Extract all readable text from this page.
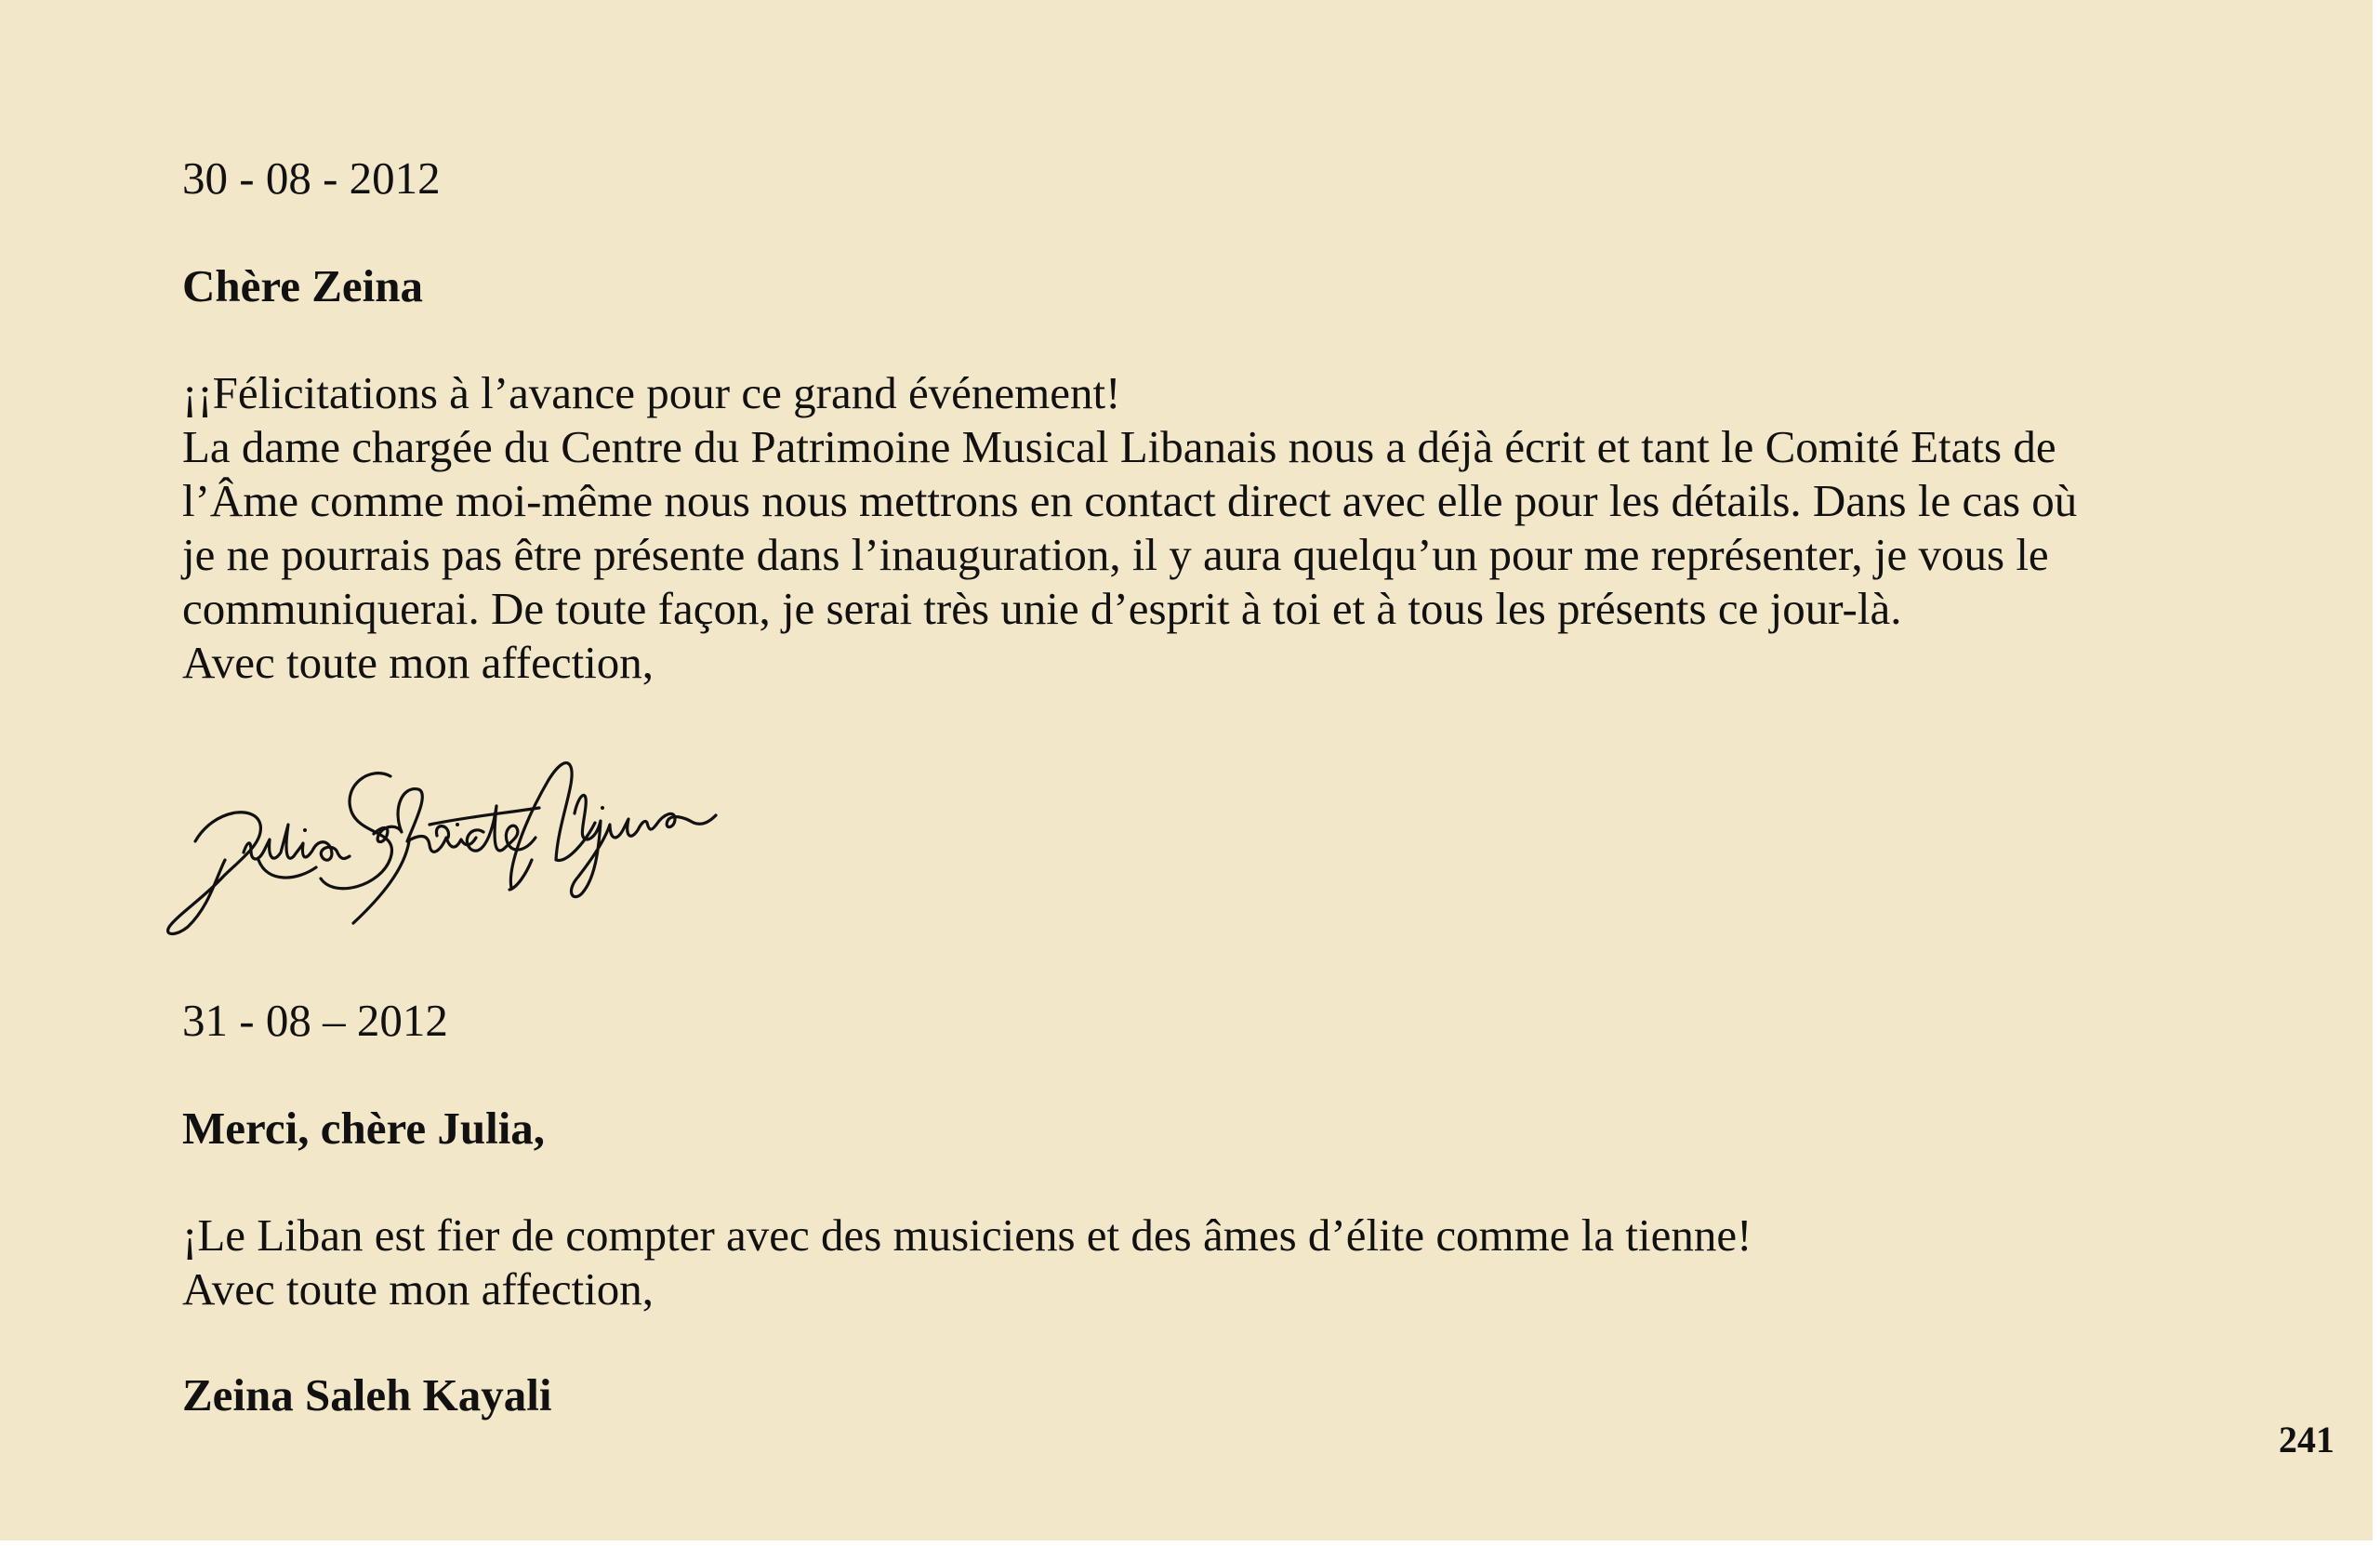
30 - 08 - 2012
Chère Zeina
¡¡Félicitations à l’avance pour ce grand événement!
La dame chargée du Centre du Patrimoine Musical Libanais nous a déjà écrit et tant le Comité Etats de
l’Âme comme moi-même nous nous mettrons en contact direct avec elle pour les détails. Dans le cas où
je ne pourrais pas être présente dans l’inauguration, il y aura quelqu’un pour me représenter, je vous le
communiquerai. De toute façon, je serai très unie d’esprit à toi et à tous les présents ce jour-là.
Avec toute mon affection,
31 - 08 – 2012
Merci, chère Julia,
¡Le Liban est fier de compter avec des musiciens et des âmes d’élite comme la tienne!
Avec toute mon affection,
Zeina Saleh Kayali
241
